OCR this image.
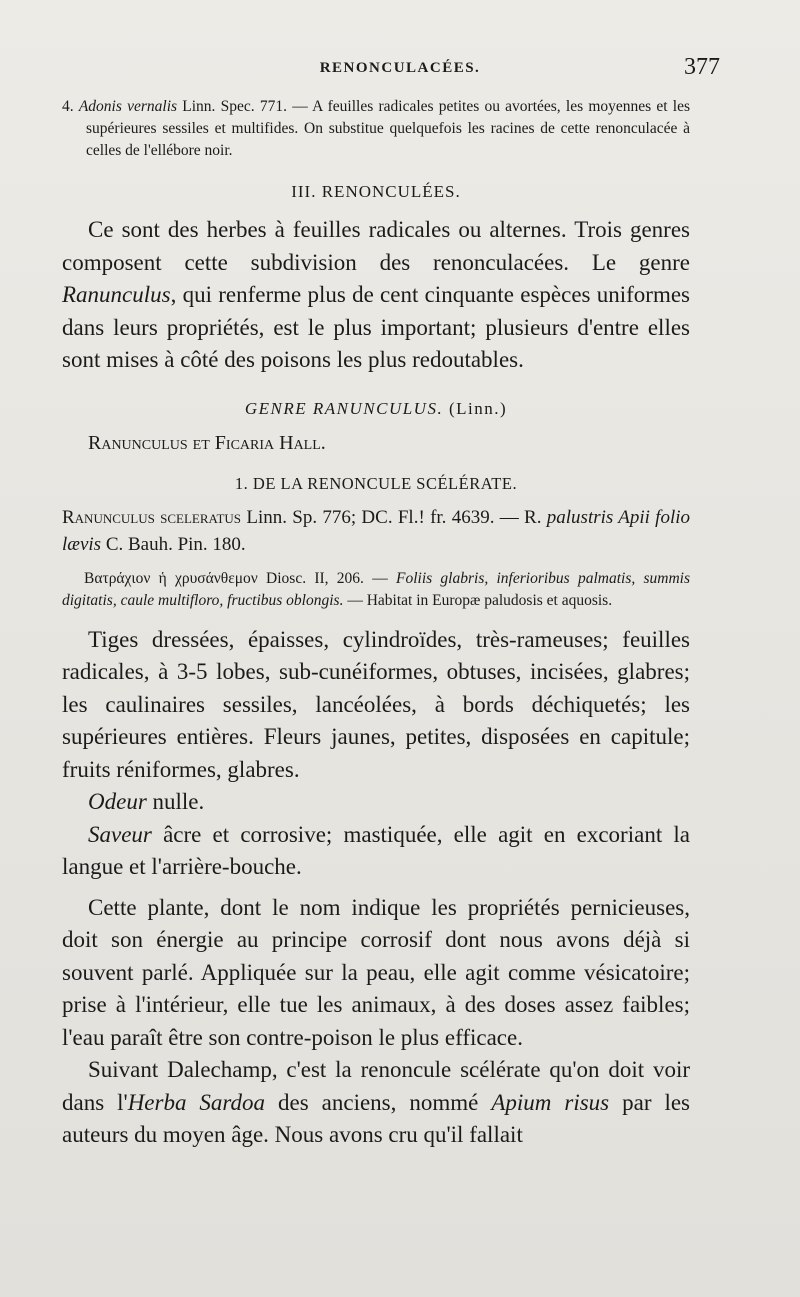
RENONCULACÉES.	377

4. Adonis vernalis Linn. Spec. 771. — A feuilles radicales petites ou avortées, les moyennes et les supérieures sessiles et multifides. On substitue quelquefois les racines de cette renonculacée à celles de l'ellébore noir.

III. RENONCULÉES.

Ce sont des herbes à feuilles radicales ou alternes. Trois genres composent cette subdivision des renonculacées. Le genre Ranunculus, qui renferme plus de cent cinquante espèces uniformes dans leurs propriétés, est le plus important; plusieurs d'entre elles sont mises à côté des poisons les plus redoutables.

GENRE RANUNCULUS. (Linn.)

Ranunculus et Ficaria Hall.

1. DE LA RENONCULE SCÉLÉRATE.

Ranunculus sceleratus Linn. Sp. 776; DC. Fl.! fr. 4639. — R. palustris Apii folio lævis C. Bauh. Pin. 180.

Βατράχιον ἡ χρυσάνθεμον Diosc. II, 206. — Foliis glabris, inferioribus palmatis, summis digitatis, caule multifloro, fructibus oblongis. — Habitat in Europæ paludosis et aquosis.

Tiges dressées, épaisses, cylindroïdes, très-rameuses; feuilles radicales, à 3-5 lobes, sub-cunéiformes, obtuses, incisées, glabres; les caulinaires sessiles, lancéolées, à bords déchiquetés; les supérieures entières. Fleurs jaunes, petites, disposées en capitule; fruits réniformes, glabres.

Odeur nulle.

Saveur âcre et corrosive; mastiquée, elle agit en excoriant la langue et l'arrière-bouche.

Cette plante, dont le nom indique les propriétés pernicieuses, doit son énergie au principe corrosif dont nous avons déjà si souvent parlé. Appliquée sur la peau, elle agit comme vésicatoire; prise à l'intérieur, elle tue les animaux, à des doses assez faibles; l'eau paraît être son contre-poison le plus efficace.

Suivant Dalechamp, c'est la renoncule scélérate qu'on doit voir dans l'Herba Sardoa des anciens, nommé Apium risus par les auteurs du moyen âge. Nous avons cru qu'il fallait
